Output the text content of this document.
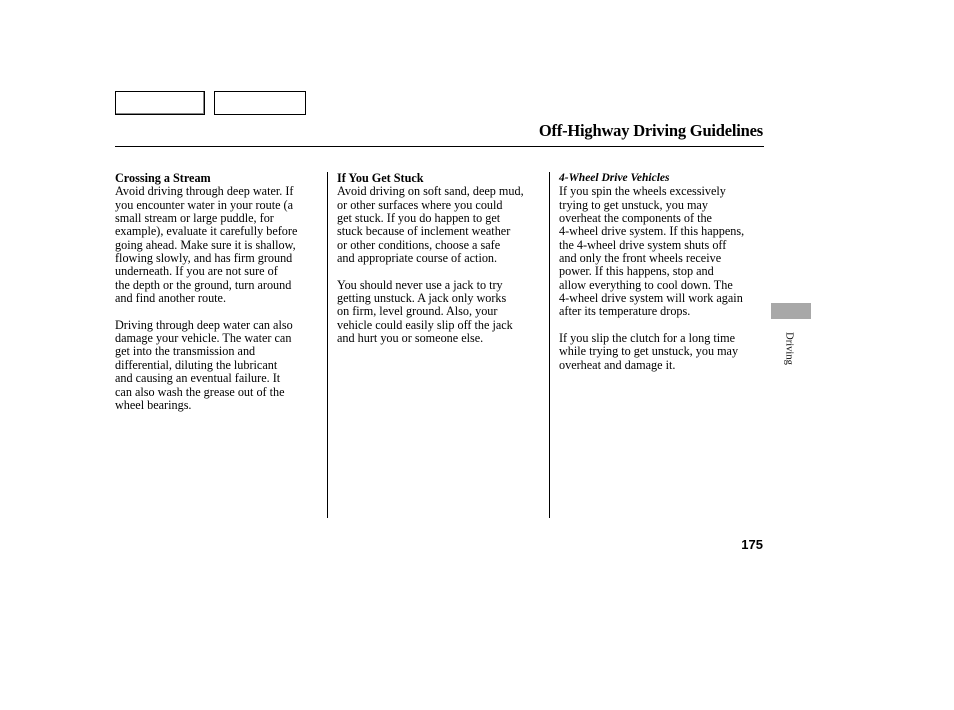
Off-Highway Driving Guidelines
Crossing a Stream
Avoid driving through deep water. If
you encounter water in your route (a
small stream or large puddle, for
example), evaluate it carefully before
going ahead. Make sure it is shallow,
flowing slowly, and has firm ground
underneath. If you are not sure of
the depth or the ground, turn around
and find another route.
Driving through deep water can also
damage your vehicle. The water can
get into the transmission and
differential, diluting the lubricant
and causing an eventual failure. It
can also wash the grease out of the
wheel bearings.
If You Get Stuck
Avoid driving on soft sand, deep mud,
or other surfaces where you could
get stuck. If you do happen to get
stuck because of inclement weather
or other conditions, choose a safe
and appropriate course of action.
You should never use a jack to try
getting unstuck. A jack only works
on firm, level ground. Also, your
vehicle could easily slip off the jack
and hurt you or someone else.
4-Wheel Drive Vehicles
If you spin the wheels excessively
trying to get unstuck, you may
overheat the components of the
4-wheel drive system. If this happens,
the 4-wheel drive system shuts off
and only the front wheels receive
power. If this happens, stop and
allow everything to cool down. The
4-wheel drive system will work again
after its temperature drops.
If you slip the clutch for a long time
while trying to get unstuck, you may
overheat and damage it.	Driving
175
